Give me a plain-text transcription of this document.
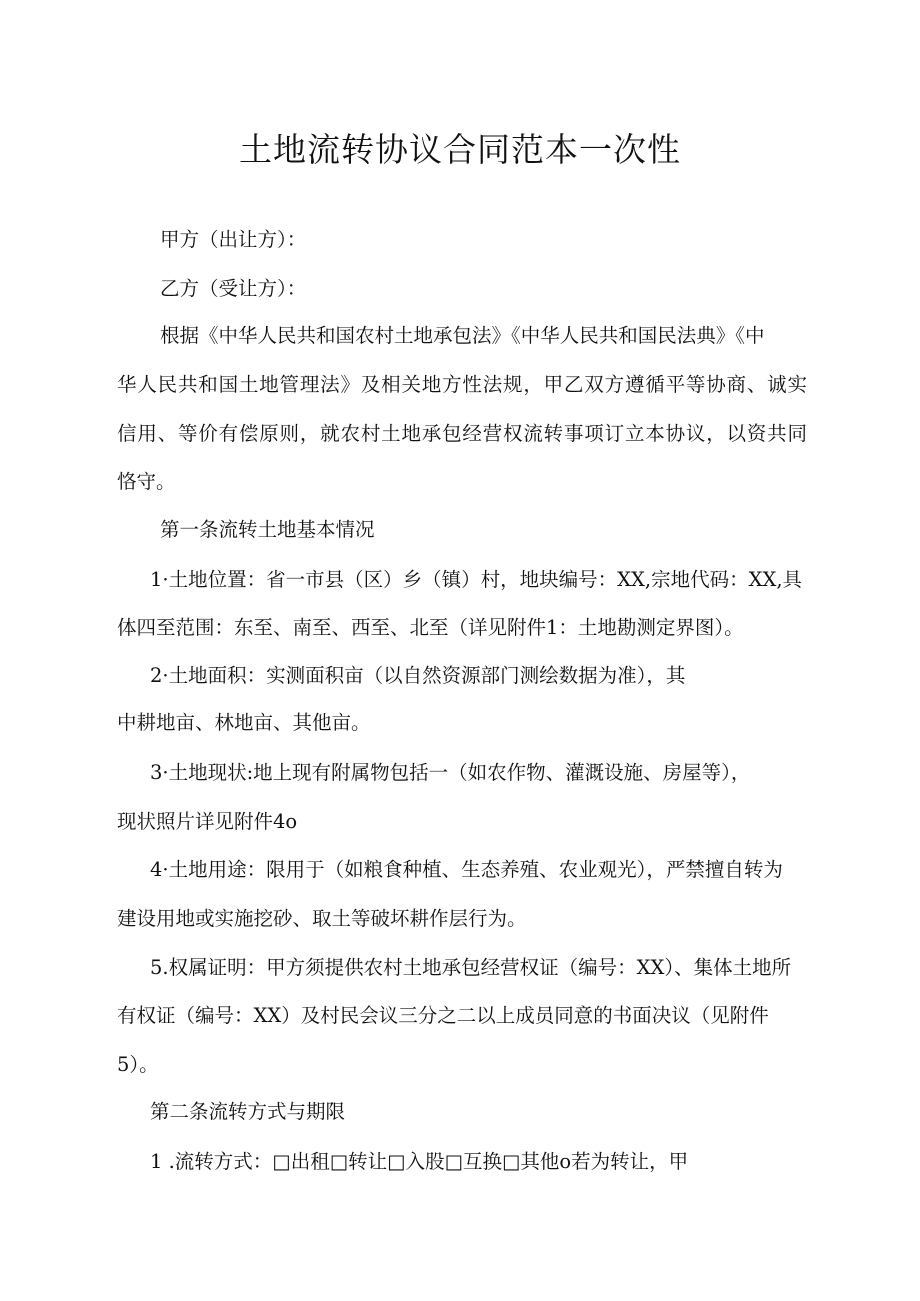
土地流转协议合同范本一次性
甲方（出让方）：
乙方（受让方）：
根据《中华人民共和国农村土地承包法》《中华人民共和国民法典》《中
华人民共和国土地管理法》及相关地方性法规，甲乙双方遵循平等协商、诚实
信用、等价有偿原则，就农村土地承包经营权流转事项订立本协议，以资共同
恪守。
第一条流转土地基本情况
1·土地位置：省一市县（区）乡（镇）村，地块编号：XX,宗地代码：XX,具
体四至范围：东至、南至、西至、北至（详见附件1：土地勘测定界图）。
2·土地面积：实测面积亩（以自然资源部门测绘数据为准），其
中耕地亩、林地亩、其他亩。
3·土地现状:地上现有附属物包括一（如农作物、灌溉设施、房屋等），
现状照片详见附件4o
4·土地用途：限用于（如粮食种植、生态养殖、农业观光），严禁擅自转为
建设用地或实施挖砂、取土等破坏耕作层行为。
5.权属证明：甲方须提供农村土地承包经营权证（编号：XX）、集体土地所
有权证（编号：XX）及村民会议三分之二以上成员同意的书面决议（见附件
5）。
第二条流转方式与期限
1 .流转方式：□出租□转让□入股□互换□其他o若为转让，甲
